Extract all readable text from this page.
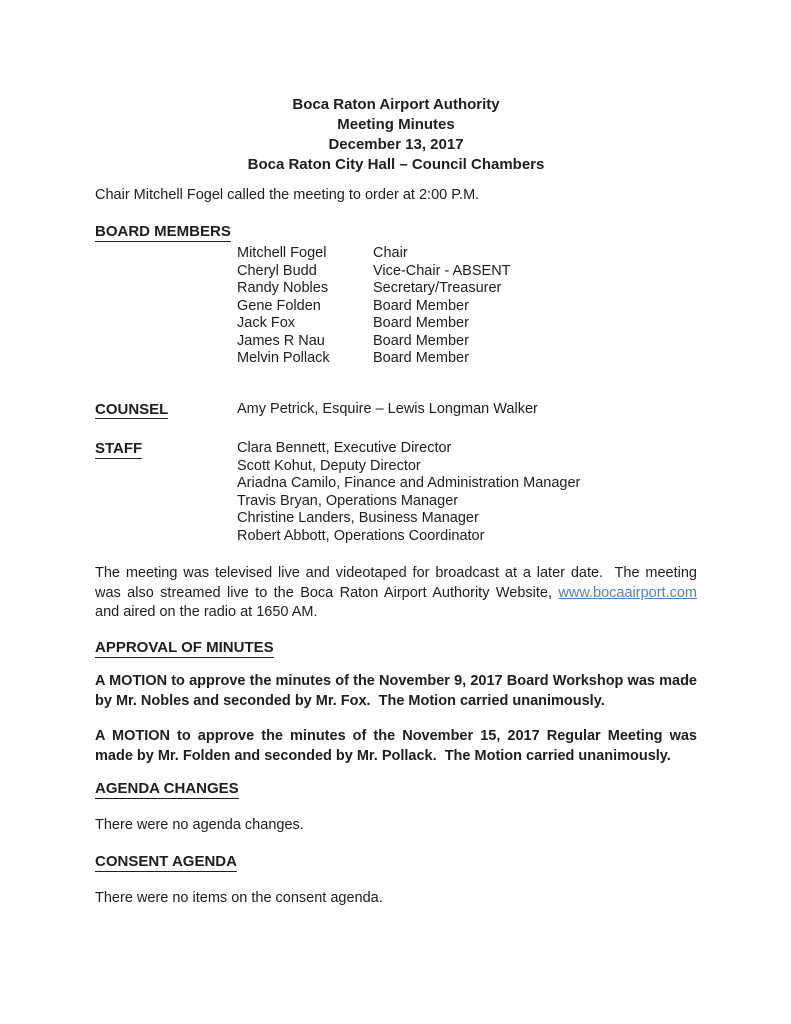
Boca Raton Airport Authority
Meeting Minutes
December 13, 2017
Boca Raton City Hall – Council Chambers

Chair Mitchell Fogel called the meeting to order at 2:00 P.M.

BOARD MEMBERS
Mitchell Fogel	Chair
Cheryl Budd	Vice-Chair - ABSENT
Randy Nobles	Secretary/Treasurer
Gene Folden	Board Member
Jack Fox	Board Member
James R Nau	Board Member
Melvin Pollack	Board Member
COUNSEL	Amy Petrick, Esquire – Lewis Longman Walker
STAFF	Clara Bennett, Executive Director
Scott Kohut, Deputy Director
Ariadna Camilo, Finance and Administration Manager
Travis Bryan, Operations Manager
Christine Landers, Business Manager
Robert Abbott, Operations Coordinator

The meeting was televised live and videotaped for broadcast at a later date.  The meeting was also streamed live to the Boca Raton Airport Authority Website, www.bocaairport.com and aired on the radio at 1650 AM.

APPROVAL OF MINUTES

A MOTION to approve the minutes of the November 9, 2017 Board Workshop was made by Mr. Nobles and seconded by Mr. Fox.  The Motion carried unanimously.

A MOTION to approve the minutes of the November 15, 2017 Regular Meeting was made by Mr. Folden and seconded by Mr. Pollack.  The Motion carried unanimously.

AGENDA CHANGES

There were no agenda changes.

CONSENT AGENDA

There were no items on the consent agenda.
